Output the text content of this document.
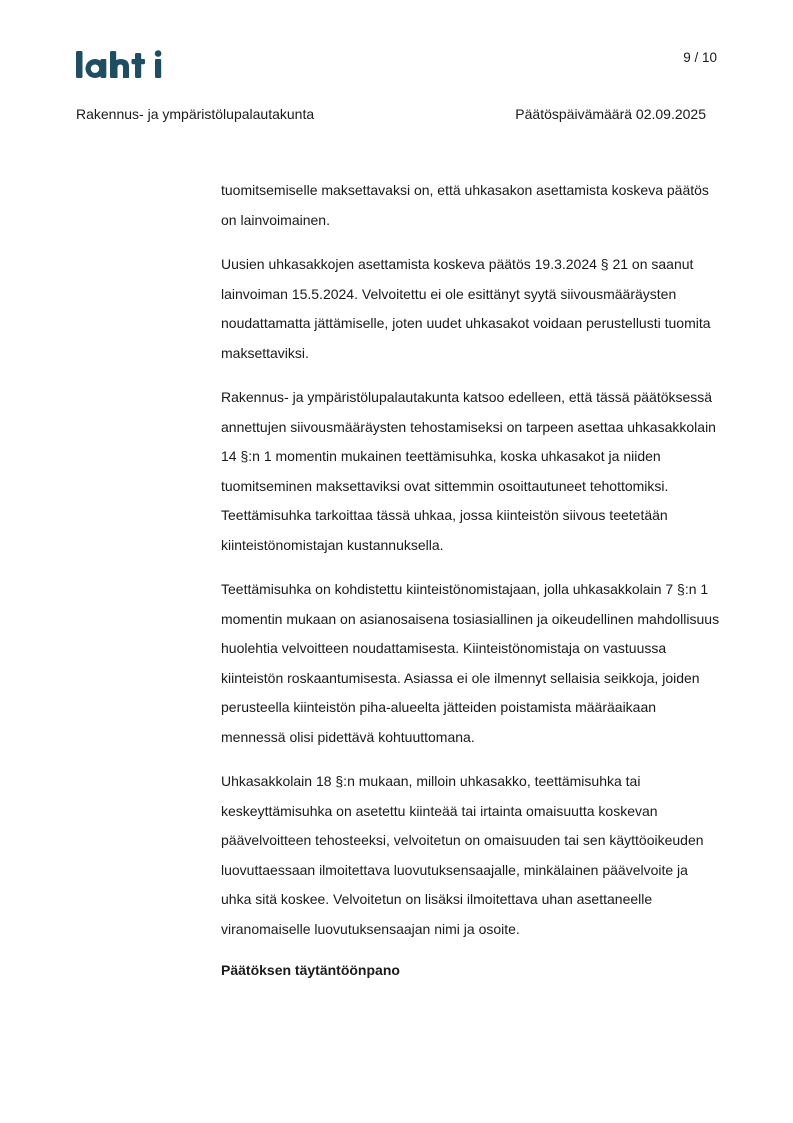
9 / 10
Rakennus- ja ympäristölupalautakunta	Päätöspäivämäärä 02.09.2025

tuomitsemiselle maksettavaksi on, että uhkasakon asettamista koskeva päätös on lainvoimainen.

Uusien uhkasakkojen asettamista koskeva päätös 19.3.2024 § 21 on saanut lainvoiman 15.5.2024. Velvoitettu ei ole esittänyt syytä siivousmääräysten noudattamatta jättämiselle, joten uudet uhkasakot voidaan perustellusti tuomita maksettaviksi.

Rakennus- ja ympäristölupalautakunta katsoo edelleen, että tässä päätöksessä annettujen siivousmääräysten tehostamiseksi on tarpeen asettaa uhkasakkolain 14 §:n 1 momentin mukainen teettämisuhka, koska uhkasakot ja niiden tuomitseminen maksettaviksi ovat sittemmin osoittautuneet tehottomiksi. Teettämisuhka tarkoittaa tässä uhkaa, jossa kiinteistön siivous teetetään kiinteistönomistajan kustannuksella.

Teettämisuhka on kohdistettu kiinteistönomistajaan, jolla uhkasakkolain 7 §:n 1 momentin mukaan on asianosaisena tosiasiallinen ja oikeudellinen mahdollisuus huolehtia velvoitteen noudattamisesta. Kiinteistönomistaja on vastuussa kiinteistön roskaantumisesta. Asiassa ei ole ilmennyt sellaisia seikkoja, joiden perusteella kiinteistön piha-alueelta jätteiden poistamista määräaikaan mennessä olisi pidettävä kohtuuttomana.

Uhkasakkolain 18 §:n mukaan, milloin uhkasakko, teettämisuhka tai keskeyttämisuhka on asetettu kiinteää tai irtainta omaisuutta koskevan päävelvoitteen tehosteeksi, velvoitetun on omaisuuden tai sen käyttöoikeuden luovuttaessaan ilmoitettava luovutuksensaajalle, minkälainen päävelvoite ja uhka sitä koskee. Velvoitetun on lisäksi ilmoitettava uhan asettaneelle viranomaiselle luovutuksensaajan nimi ja osoite.

Päätöksen täytäntöönpano
